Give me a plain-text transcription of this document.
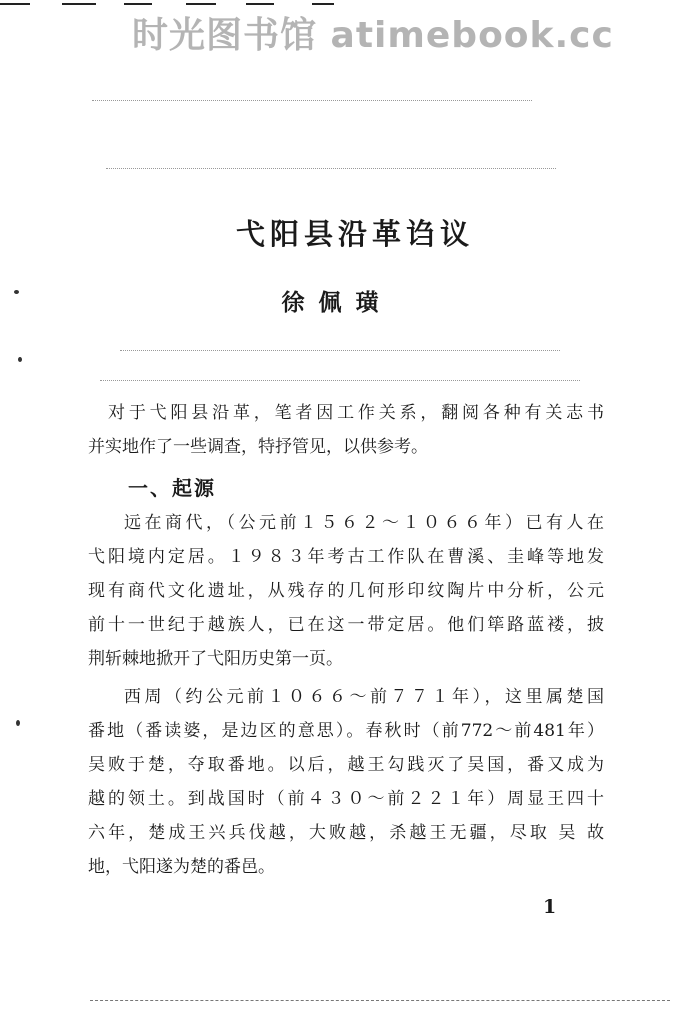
时光图书馆 atimebook.cc
弋阳县沿革诌议
徐佩璜
对于弋阳县沿革，笔者因工作关系，翻阅各种有关志书
并实地作了一些调查，特抒管见，以供参考。
一、起源
远在商代，（公元前１５６２～１０６６年）已有人在
弋阳境内定居。１９８３年考古工作队在曹溪、圭峰等地发
现有商代文化遗址，从残存的几何形印纹陶片中分析，公元
前十一世纪于越族人，已在这一带定居。他们筚路蓝褛，披
荆斩棘地掀开了弋阳历史第一页。
西周（约公元前１０６６～前７７１年），这里属楚国
番地（番读婆，是边区的意思）。春秋时（前772～前481年）
吴败于楚，夺取番地。以后，越王勾践灭了吴国，番又成为
越的领土。到战国时（前４３０～前２２１年）周显王四十
六年，楚成王兴兵伐越，大败越，杀越王无疆，尽取 吴 故
地，弋阳遂为楚的番邑。
1
